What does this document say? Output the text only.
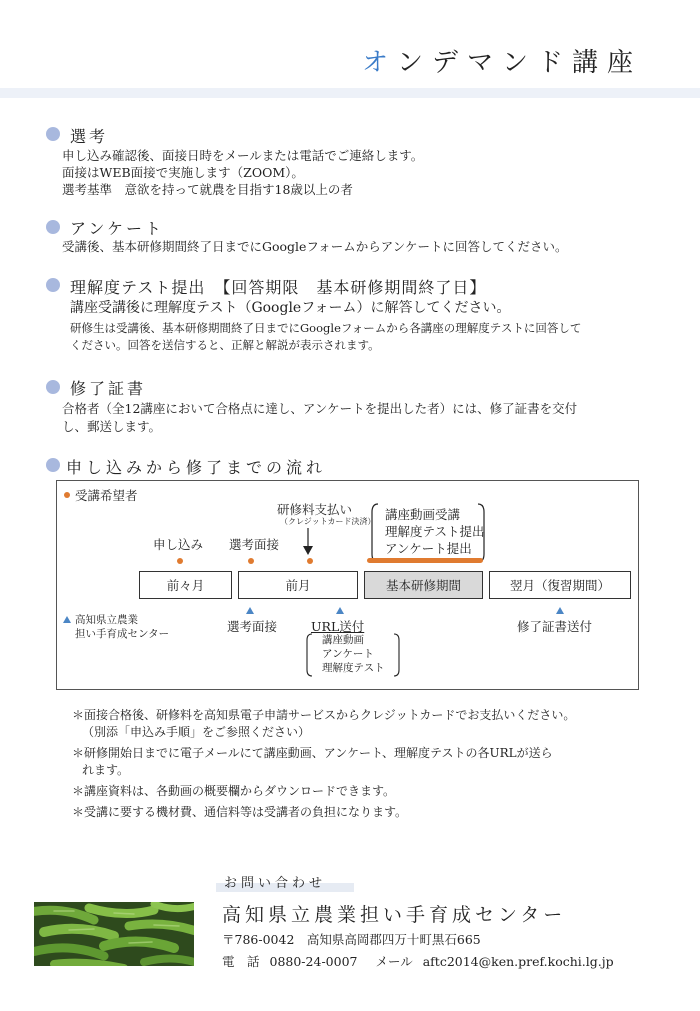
オンデマンド講座
選考
申し込み確認後、面接日時をメールまたは電話でご連絡します。
面接はWEB面接で実施します（ZOOM）。
選考基準　意欲を持って就農を目指す18歳以上の者
アンケート
受講後、基本研修期間終了日までにGoogleフォームからアンケートに回答してください。
理解度テスト提出　【回答期限　基本研修期間終了日】
講座受講後に理解度テスト（Googleフォーム）に解答してください。
研修生は受講後、基本研修期間終了日までにGoogleフォームから各講座の理解度テストに回答して
ください。回答を送信すると、正解と解説が表示されます。
修了証書
合格者（全12講座において合格点に達し、アンケートを提出した者）には、修了証書を交付
し、郵送します。
申し込みから修了までの流れ
受講希望者
申し込み 選考面接
研修料支払い
（クレジットカード決済） 講座動画受講
理解度テスト提出
アンケート提出
前々月	前月	基本研修期間	翌月（復習期間）
高知県立農業
担い手育成センター	選考面接	URL送付	修了証書送付
講座動画
アンケート
理解度テスト
＊面接合格後、研修料を高知県電子申請サービスからクレジットカードでお支払いください。
（別添「申込み手順」をご参照ください）
＊研修開始日までに電子メールにて講座動画、アンケート、理解度テストの各URLが送ら
れます。
＊講座資料は、各動画の概要欄からダウンロードできます。
＊受講に要する機材費、通信料等は受講者の負担になります。
お問い合わせ
高知県立農業担い手育成センター
〒786-0042　高知県高岡郡四万十町黒石665
電　話 0880-24-0007 メール aftc2014@ken.pref.kochi.lg.jp
